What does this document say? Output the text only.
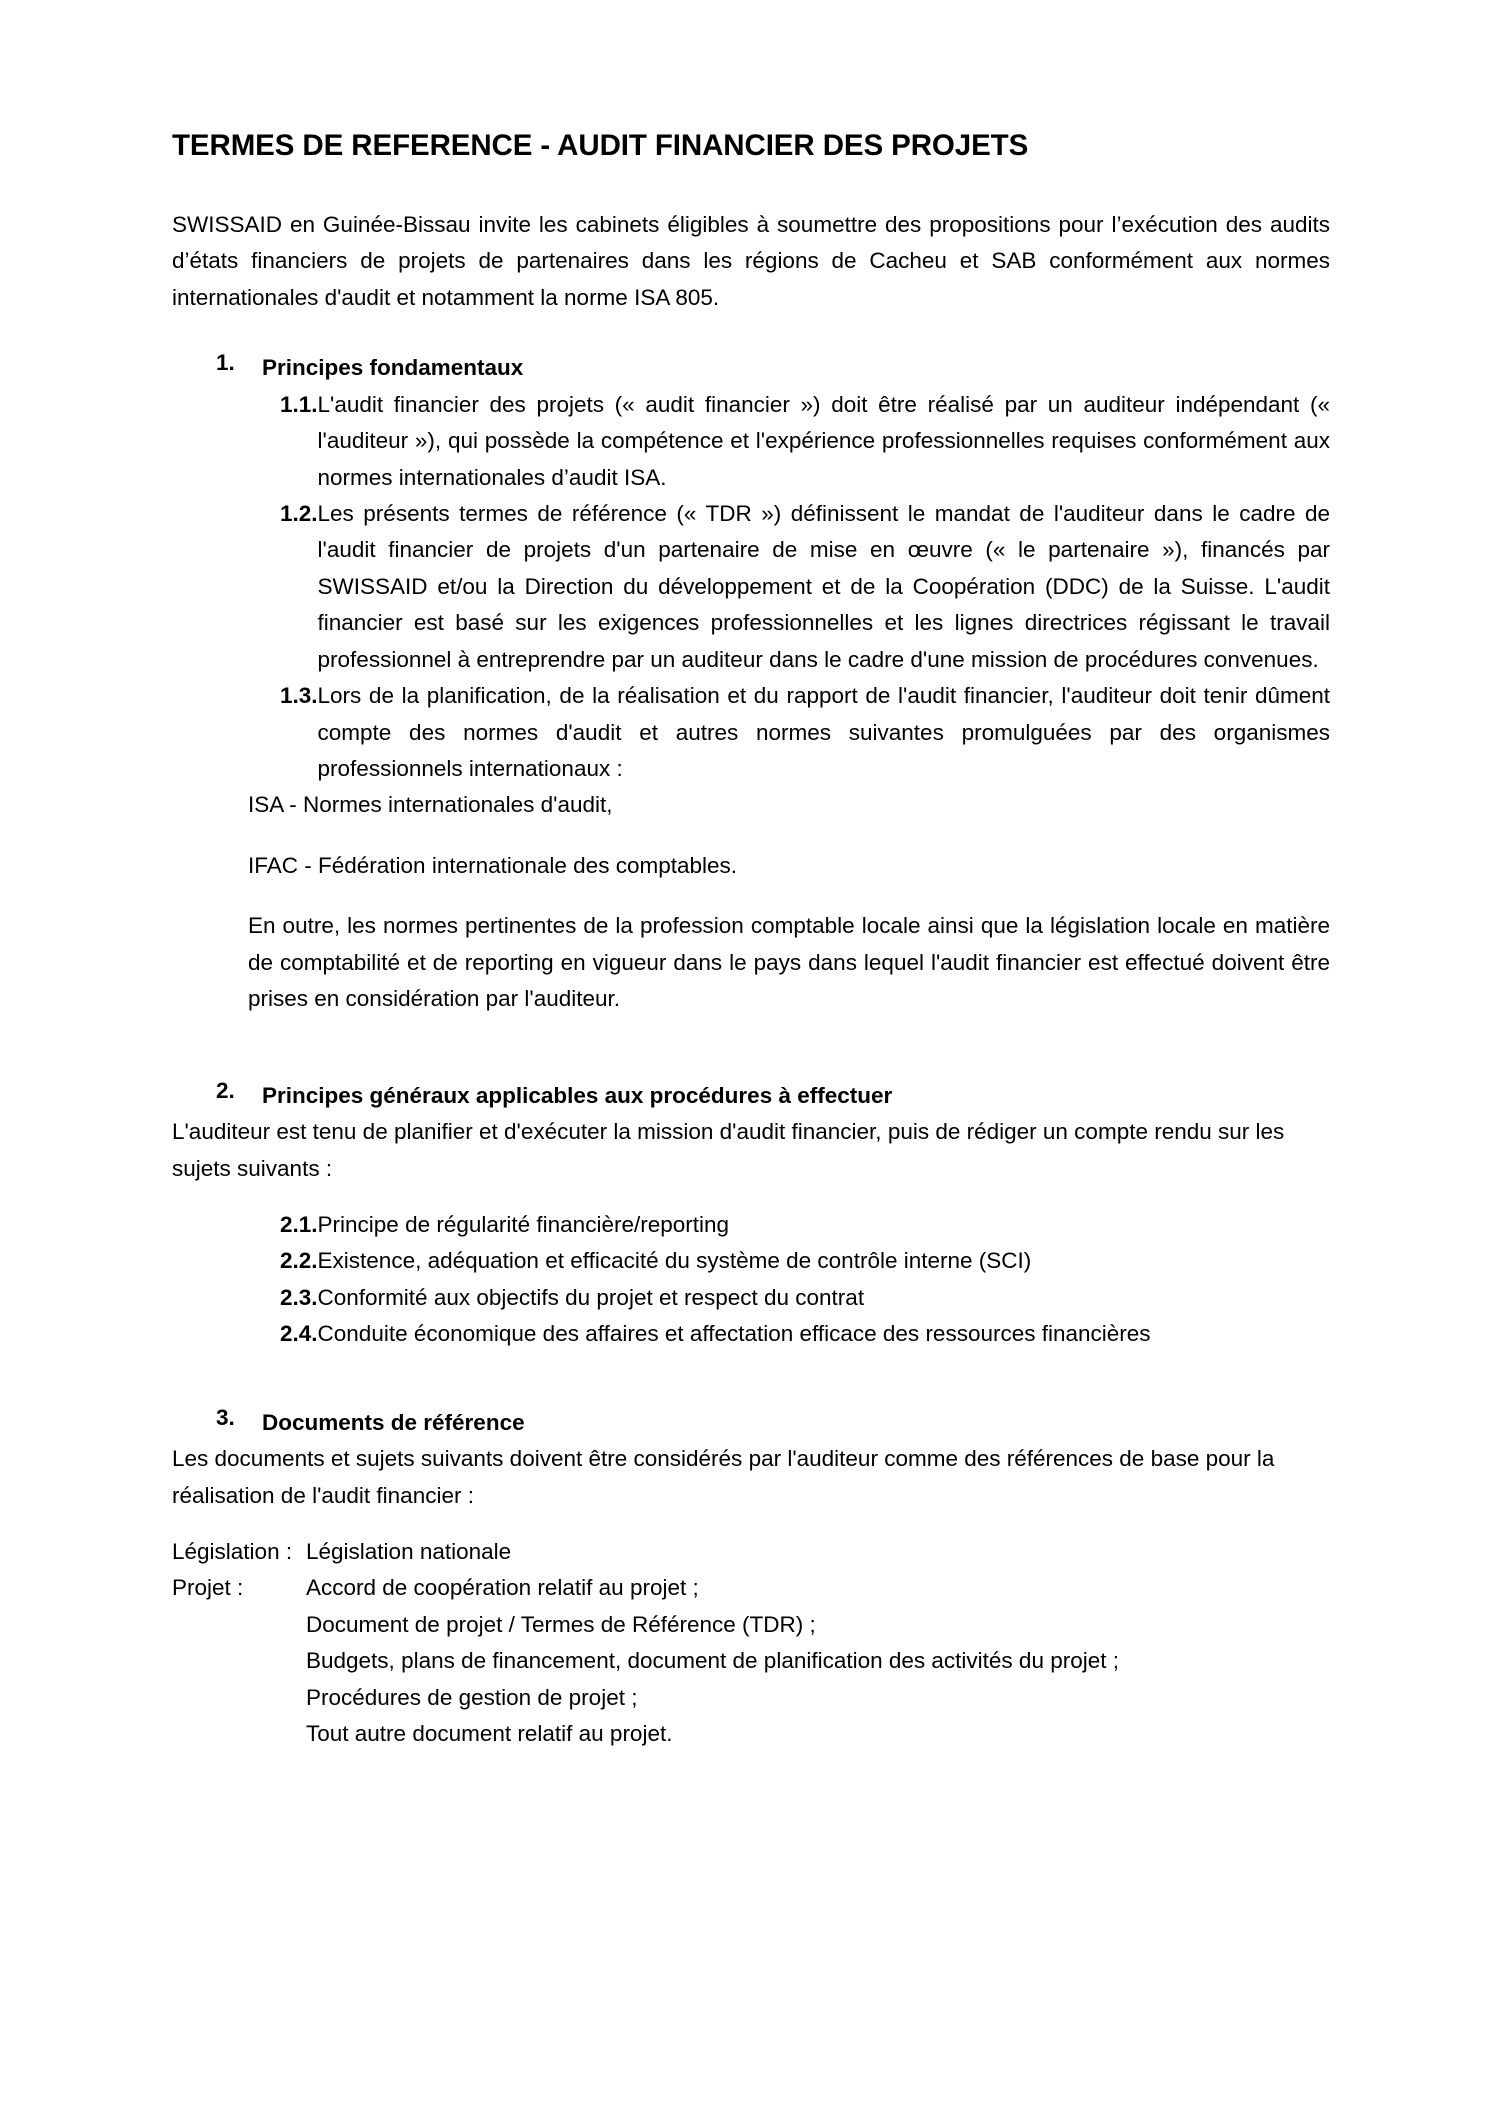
TERMES DE REFERENCE - AUDIT FINANCIER DES PROJETS

SWISSAID en Guinée-Bissau invite les cabinets éligibles à soumettre des propositions pour l’exécution des audits d’états financiers de projets de partenaires dans les régions de Cacheu et SAB conformément aux normes internationales d'audit et notamment la norme ISA 805.

1.	Principes fondamentaux
1.1. L'audit financier des projets (« audit financier ») doit être réalisé par un auditeur indépendant (« l'auditeur »), qui possède la compétence et l'expérience professionnelles requises conformément aux normes internationales d’audit ISA.
1.2. Les présents termes de référence (« TDR ») définissent le mandat de l'auditeur dans le cadre de l'audit financier de projets d'un partenaire de mise en œuvre (« le partenaire »), financés par SWISSAID et/ou la Direction du développement et de la Coopération (DDC) de la Suisse. L'audit financier est basé sur les exigences professionnelles et les lignes directrices régissant le travail professionnel à entreprendre par un auditeur dans le cadre d'une mission de procédures convenues.
1.3. Lors de la planification, de la réalisation et du rapport de l'audit financier, l'auditeur doit tenir dûment compte des normes d'audit et autres normes suivantes promulguées par des organismes professionnels internationaux :

ISA - Normes internationales d'audit,

IFAC - Fédération internationale des comptables.

En outre, les normes pertinentes de la profession comptable locale ainsi que la législation locale en matière de comptabilité et de reporting en vigueur dans le pays dans lequel l'audit financier est effectué doivent être prises en considération par l'auditeur.

2.	Principes généraux applicables aux procédures à effectuer

L'auditeur est tenu de planifier et d'exécuter la mission d'audit financier, puis de rédiger un compte rendu sur les sujets suivants :

2.1. Principe de régularité financière/reporting
2.2. Existence, adéquation et efficacité du système de contrôle interne (SCI)
2.3. Conformité aux objectifs du projet et respect du contrat
2.4. Conduite économique des affaires et affectation efficace des ressources financières
3.	Documents de référence

Les documents et sujets suivants doivent être considérés par l'auditeur comme des références de base pour la réalisation de l'audit financier :

Législation : Législation nationale
Projet :	Accord de coopération relatif au projet ;
Document de projet / Termes de Référence (TDR) ;
Budgets, plans de financement, document de planification des activités du projet ;
Procédures de gestion de projet ;
Tout autre document relatif au projet.
